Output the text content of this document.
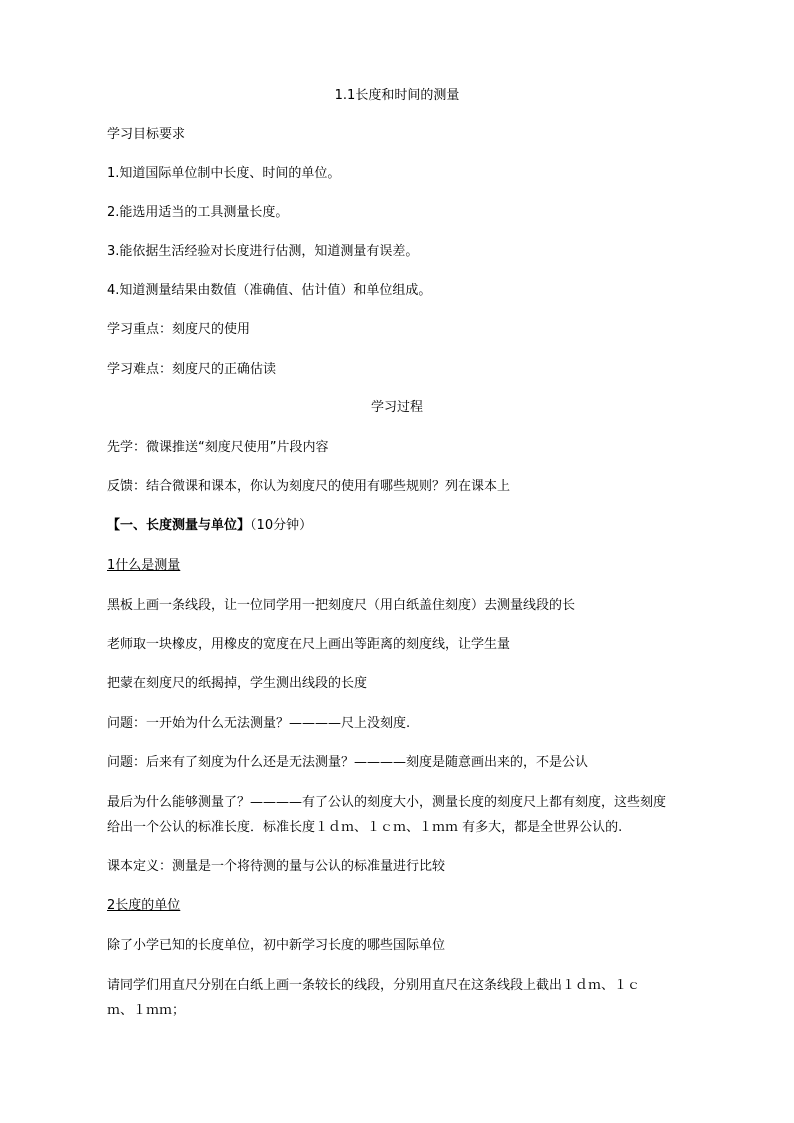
1.1长度和时间的测量
学习目标要求
1.知道国际单位制中长度、时间的单位。
2.能选用适当的工具测量长度。
3.能依据生活经验对长度进行估测，知道测量有误差。
4.知道测量结果由数值（准确值、估计值）和单位组成。
学习重点：刻度尺的使用
学习难点：刻度尺的正确估读
学习过程
先学：微课推送“刻度尺使用”片段内容
反馈：结合微课和课本，你认为刻度尺的使用有哪些规则？列在课本上
【一、长度测量与单位】（10分钟）
1什么是测量
黑板上画一条线段，让一位同学用一把刻度尺（用白纸盖住刻度）去测量线段的长
老师取一块橡皮，用橡皮的宽度在尺上画出等距离的刻度线，让学生量
把蒙在刻度尺的纸揭掉，学生测出线段的长度
问题：一开始为什么无法测量？————尺上没刻度.
问题：后来有了刻度为什么还是无法测量？————刻度是随意画出来的，不是公认
最后为什么能够测量了？————有了公认的刻度大小，测量长度的刻度尺上都有刻度，这些刻度
给出一个公认的标准长度．标准长度１ｄｍ、１ｃｍ、１ｍｍ 有多大，都是全世界公认的.
课本定义：测量是一个将待测的量与公认的标准量进行比较
2长度的单位
除了小学已知的长度单位，初中新学习长度的哪些国际单位
请同学们用直尺分别在白纸上画一条较长的线段，分别用直尺在这条线段上截出１ｄｍ、１ｃ
ｍ、１ｍｍ；
